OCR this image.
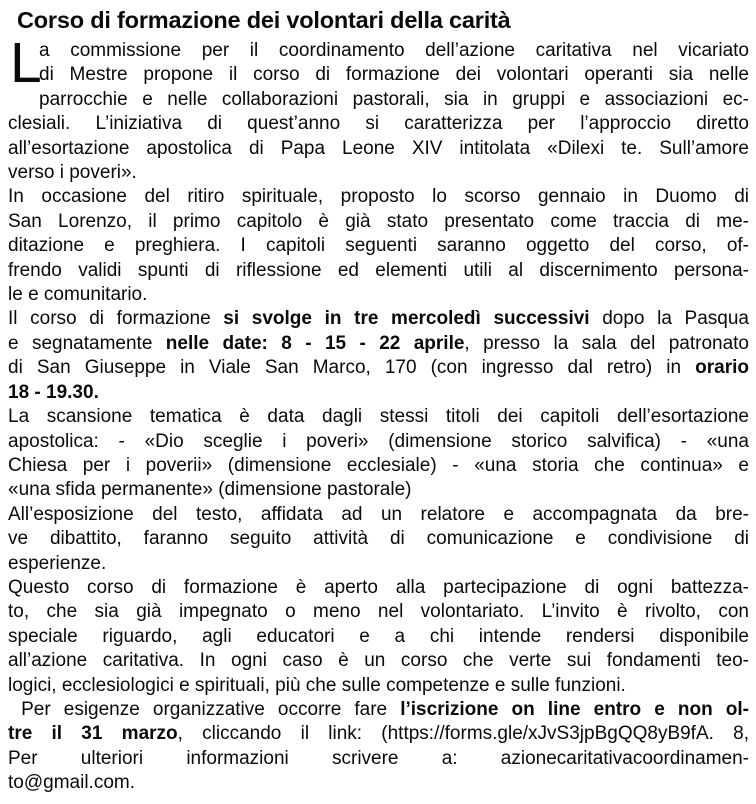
Corso di formazione dei volontari della carità
L
a commissione per il coordinamento dell’azione caritativa nel vicariato
di Mestre propone il corso di formazione dei volontari operanti sia nelle
parrocchie e nelle collaborazioni pastorali, sia in gruppi e associazioni ec-
clesiali. L’iniziativa di quest’anno si caratterizza per l’approccio diretto
all’esortazione apostolica di Papa Leone XIV intitolata «Dilexi te. Sull’amore
verso i poveri».
In occasione del ritiro spirituale, proposto lo scorso gennaio in Duomo di
San Lorenzo, il primo capitolo è già stato presentato come traccia di me-
ditazione e preghiera. I capitoli seguenti saranno oggetto del corso, of-
frendo validi spunti di riflessione ed elementi utili al discernimento persona-
le e comunitario.
Il corso di formazione si svolge in tre mercoledì successivi dopo la Pasqua
e segnatamente nelle date: 8 - 15 - 22 aprile, presso la sala del patronato
di San Giuseppe in Viale San Marco, 170 (con ingresso dal retro) in orario
18 - 19.30.
La scansione tematica è data dagli stessi titoli dei capitoli dell’esortazione
apostolica: - «Dio sceglie i poveri» (dimensione storico salvifica) - «una
Chiesa per i poverii» (dimensione ecclesiale) - «una storia che continua» e
«una sfida permanente» (dimensione pastorale)
All’esposizione del testo, affidata ad un relatore e accompagnata da bre-
ve dibattito, faranno seguito attività di comunicazione e condivisione di
esperienze.
Questo corso di formazione è aperto alla partecipazione di ogni battezza-
to, che sia già impegnato o meno nel volontariato. L’invito è rivolto, con
speciale riguardo, agli educatori e a chi intende rendersi disponibile
all’azione caritativa. In ogni caso è un corso che verte sui fondamenti teo-
logici, ecclesiologici e spirituali, più che sulle competenze e sulle funzioni.
Per esigenze organizzative occorre fare l’iscrizione on line entro e non ol-
tre il 31 marzo, cliccando il link: (https://forms.gle/xJvS3jpBgQQ8yB9fA. 8,
Per ulteriori informazioni scrivere a: azionecaritativacoordinamen-
to@gmail.com.
